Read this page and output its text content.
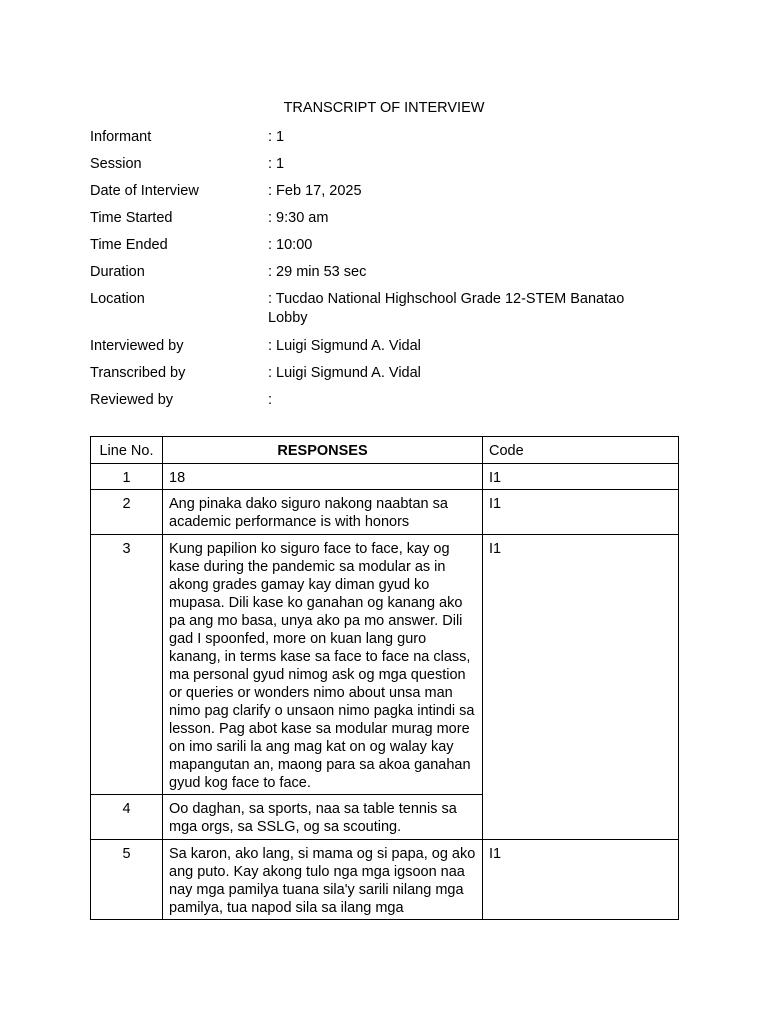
TRANSCRIPT OF INTERVIEW
Informant	: 1
Session	: 1
Date of Interview	: Feb 17, 2025
Time Started	: 9:30 am
Time Ended	: 10:00
Duration	: 29 min 53 sec
Location	: Tucdao National Highschool Grade 12-STEM Banatao Lobby
Interviewed by	: Luigi Sigmund A. Vidal
Transcribed by	: Luigi Sigmund A. Vidal
Reviewed by	:
Line No.	RESPONSES	Code
1	18	I1
2	Ang pinaka dako siguro nakong naabtan sa academic performance is with honors	I1
3	Kung papilion ko siguro face to face, kay og kase during the pandemic sa modular as in akong grades gamay kay diman gyud ko mupasa. Dili kase ko ganahan og kanang ako pa ang mo basa, unya ako pa mo answer. Dili gad I spoonfed, more on kuan lang guro kanang, in terms kase sa face to face na class, ma personal gyud nimog ask og mga question or queries or wonders nimo about unsa man nimo pag clarify o unsaon nimo pagka intindi sa lesson. Pag abot kase sa modular murag more on imo sarili la ang mag kat on og walay kay mapangutan an, maong para sa akoa ganahan gyud kog face to face.	I1
4	Oo daghan, sa sports, naa sa table tennis sa mga orgs, sa SSLG, og sa scouting.	
5	Sa karon, ako lang, si mama og si papa, og ako ang puto. Kay akong tulo nga mga igsoon naa nay mga pamilya tuana sila'y sarili nilang mga pamilya, tua napod sila sa ilang mga	I1
